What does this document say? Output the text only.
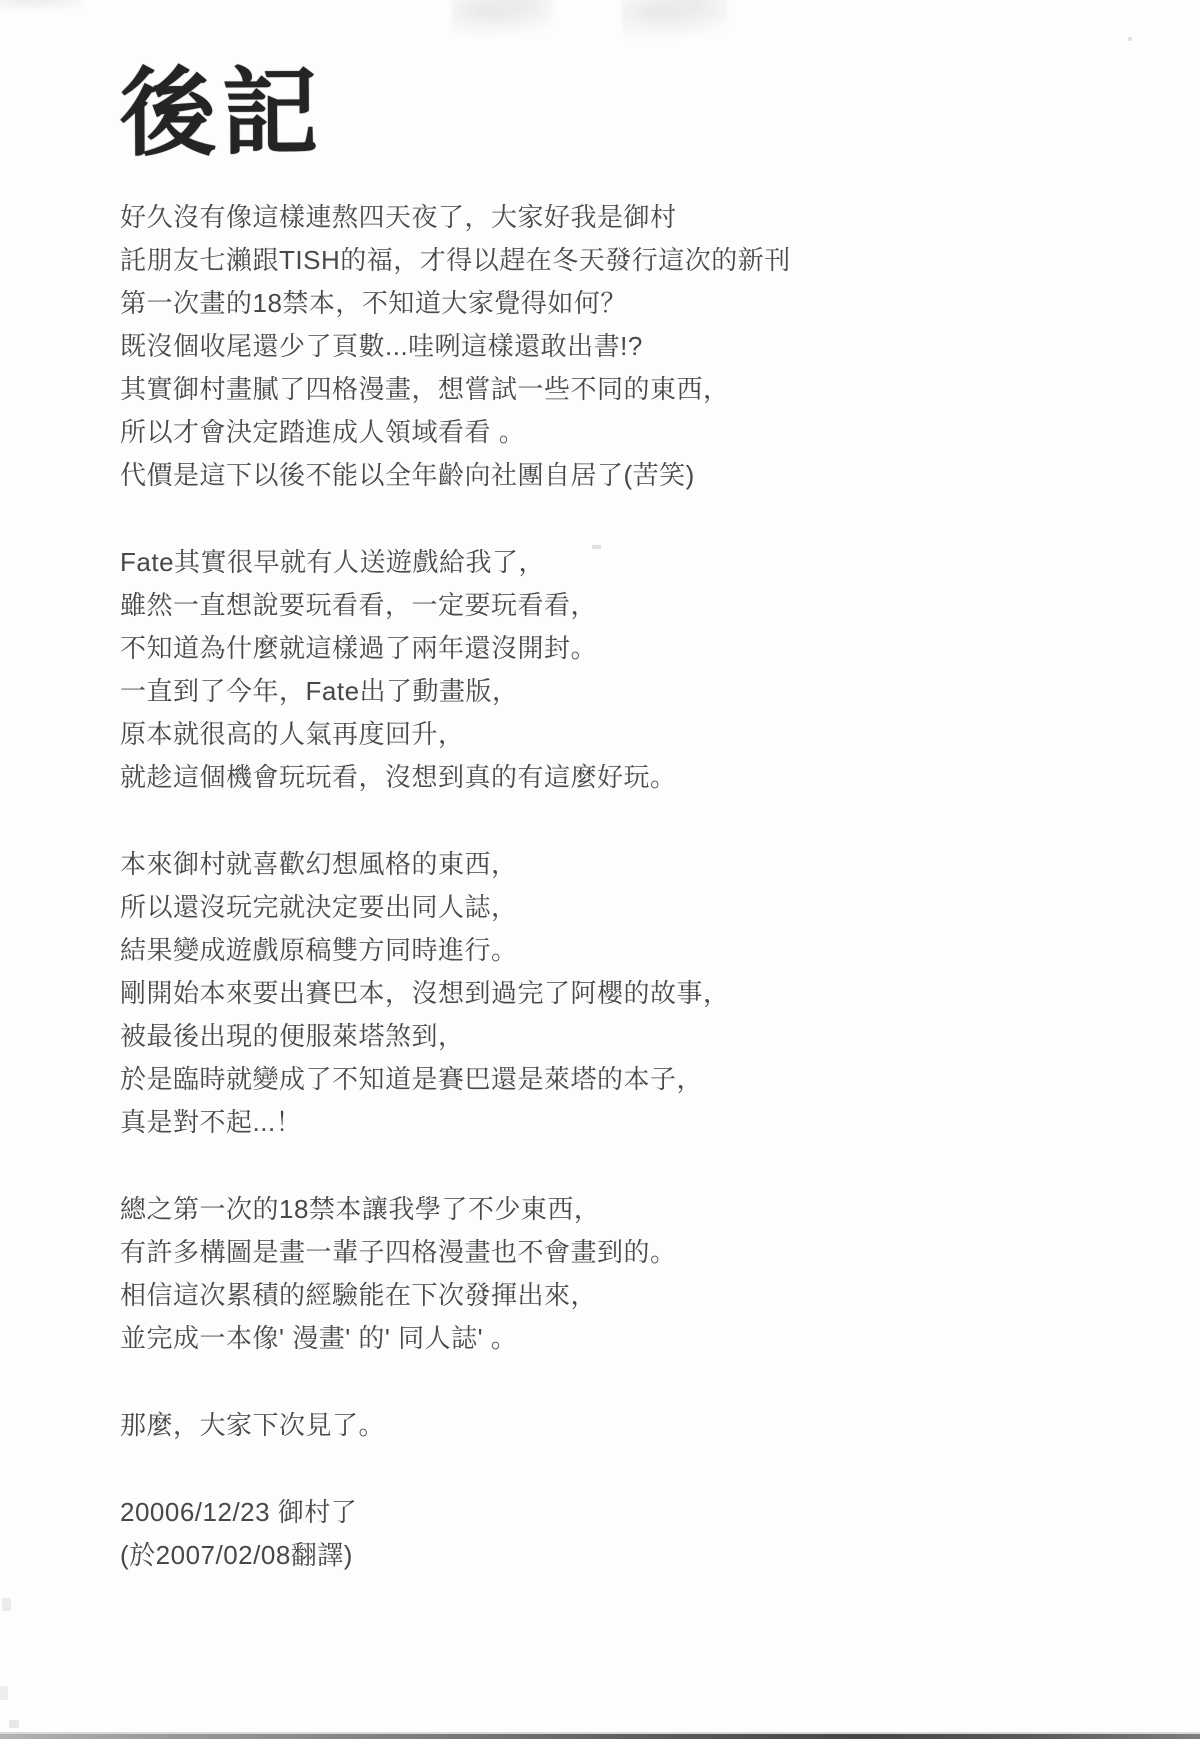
後記

好久沒有像這樣連熬四天夜了，大家好我是御村

託朋友七瀨跟TISH的福，才得以趕在冬天發行這次的新刊

第一次畫的18禁本，不知道大家覺得如何？

既沒個收尾還少了頁數...哇咧這樣還敢出書!?

其實御村畫膩了四格漫畫，想嘗試一些不同的東西，

所以才會決定踏進成人領域看看 。

代價是這下以後不能以全年齡向社團自居了(苦笑)

Fate其實很早就有人送遊戲給我了，

雖然一直想說要玩看看，一定要玩看看，

不知道為什麼就這樣過了兩年還沒開封。

一直到了今年，Fate出了動畫版，

原本就很高的人氣再度回升，

就趁這個機會玩玩看，沒想到真的有這麼好玩。

本來御村就喜歡幻想風格的東西，

所以還沒玩完就決定要出同人誌，

結果變成遊戲原稿雙方同時進行。

剛開始本來要出賽巴本，沒想到過完了阿櫻的故事，

被最後出現的便服萊塔煞到，

於是臨時就變成了不知道是賽巴還是萊塔的本子，

真是對不起...！

總之第一次的18禁本讓我學了不少東西，

有許多構圖是畫一輩子四格漫畫也不會畫到的。

相信這次累積的經驗能在下次發揮出來，

並完成一本像' 漫畫' 的' 同人誌' 。

那麼，大家下次見了。

20006/12/23 御村了

(於2007/02/08翻譯)
